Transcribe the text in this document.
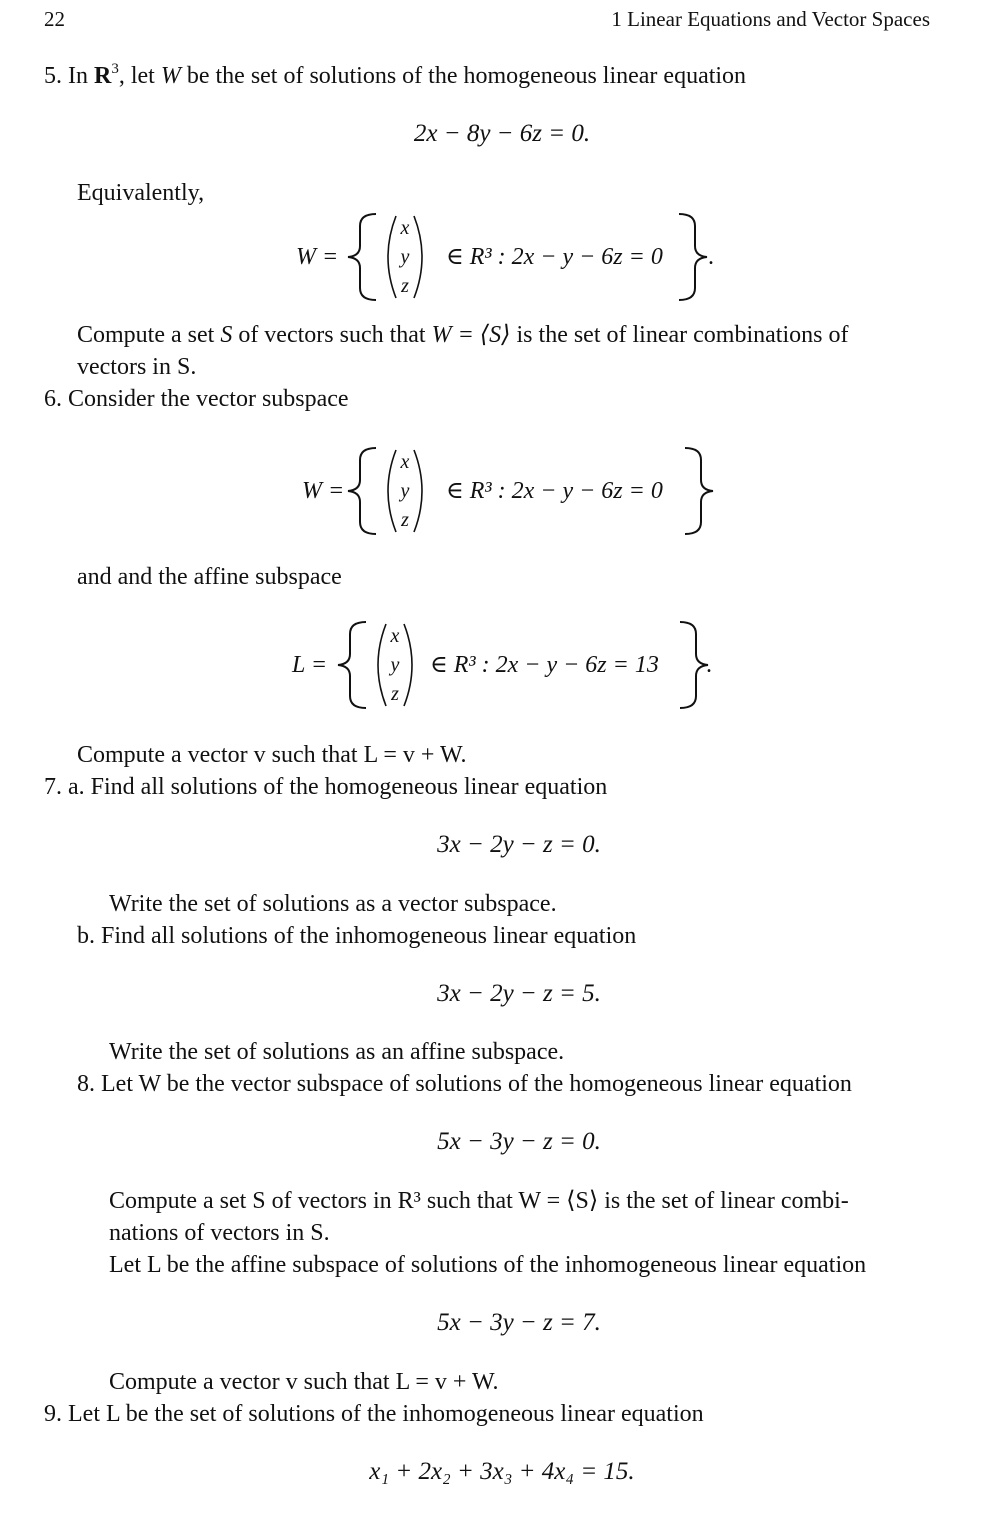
22	1 Linear Equations and Vector Spaces
5. In $R^3$, let W be the set of solutions of the homogeneous linear equation
2x − 8y − 6z = 0.
Equivalently,
W =
x
y
z
∈ R³ : 2x − y − 6z = 0 .
Compute a set S of vectors such that W = ⟨S⟩ is the set of linear combinations of
vectors in S.
6. Consider the vector subspace
W =
x
y
z
∈ R³ : 2x − y − 6z = 0
and and the affine subspace
L =
x
y
z
∈ R³ : 2x − y − 6z = 13 .
Compute a vector v such that L = v + W.
7. a. Find all solutions of the homogeneous linear equation
3x − 2y − z = 0.
Write the set of solutions as a vector subspace.
b. Find all solutions of the inhomogeneous linear equation
3x − 2y − z = 5.
Write the set of solutions as an affine subspace.
8. Let W be the vector subspace of solutions of the homogeneous linear equation
5x − 3y − z = 0.
Compute a set S of vectors in R³ such that W = ⟨S⟩ is the set of linear combi-
nations of vectors in S.
Let L be the affine subspace of solutions of the inhomogeneous linear equation
5x − 3y − z = 7.
Compute a vector v such that L = v + W.
9. Let L be the set of solutions of the inhomogeneous linear equation
x₁ + 2x₂ + 3x₃ + 4x₄ = 15.
